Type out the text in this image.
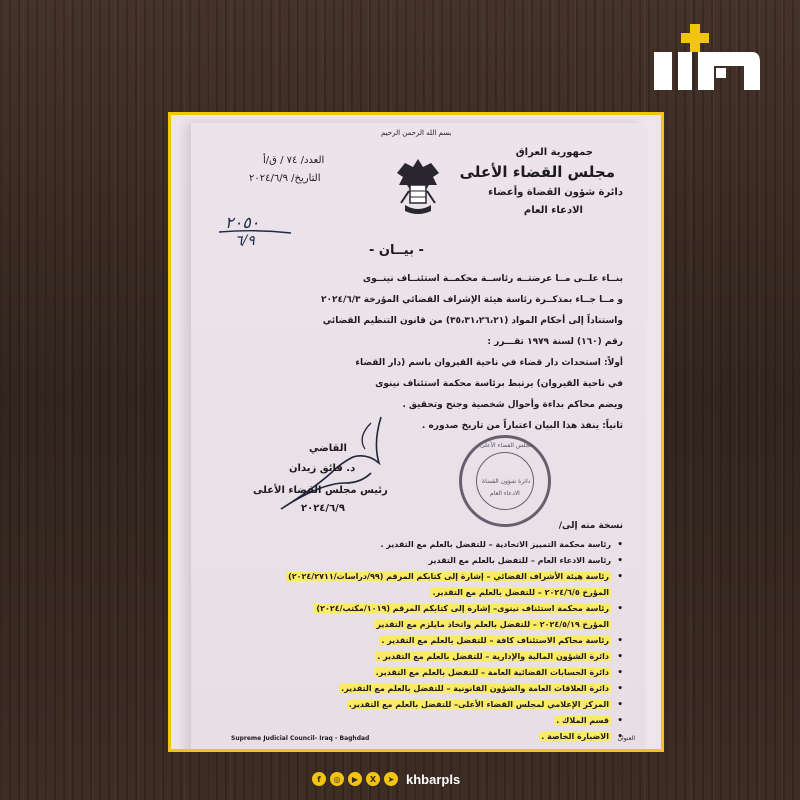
بسم الله الرحمن الرحيم
جمهورية العراق
مجلس القضاء الأعلى
دائرة شؤون القضاة وأعضاء
الادعاء العام
العدد/ ٧٤ / ق/أ
التاريخ/ ٢٠٢٤/٦/٩
٢٠٥٠
٦/٩
- بيــان -

بنــاء علــى مــا عرضتــه رئاســة محكمــة استئنــاف نينــوى

و مــا جــاء بمذكــرة رئاسة هيئة الإشراف القضائي المؤرخة ٢٠٢٤/٦/٣

واستناداً إلى أحكام المواد (٣٥،٣١،٢٦،٢١) من قانون التنظيم القضائي

رقم (١٦٠) لسنة ١٩٧٩ تقـــرر :

أولاً: استحداث دار قضاء في ناحية القيروان باسم (دار القضاء

في ناحية القيروان) يرتبط برئاسة محكمة استئناف نينوى

ويضم محاكم بداءة وأحوال شخصية وجنح وتحقيق .

ثانياً: ينفذ هذا البيان اعتباراً من تاريخ صدوره .

القاضي
د. فائق زيدان
رئيس مجلس القضاء الأعلى
٢٠٢٤/٦/٩
مجلس القضاء الأعلى
دائرة شؤون القضاة
الادعاء العام
نسخة منه إلى/
• رئاسة محكمة التمييز الاتحادية – للتفضل بالعلم مع التقدير .
• رئاسة الادعاء العام – للتفضل بالعلم مع التقدير
• رئاسة هيئة الأشراف القضائي – إشارة إلى كتابكم المرقم (٩٩/دراسات/٢٠٢٤/٢٧١١)
المؤرخ ٢٠٢٤/٦/٥ – للتفضل بالعلم مع التقدير.
• رئاسة محكمة استئناف نينوى– إشارة إلى كتابكم المرقم (١٠١٩/مكتب/٢٠٢٤)
المؤرخ ٢٠٢٤/٥/١٩ – للتفضل بالعلم واتخاذ مايلزم مع التقدير
• رئاسة محاكم الاستئناف كافة – للتفضل بالعلم مع التقدير .
• دائرة الشؤون المالية والإدارية – للتفضل بالعلم مع التقدير .
• دائرة الحسابات القضائية العامة – للتفضل بالعلم مع التقدير.
• دائرة العلاقات العامة والشؤون القانونية – للتفضل بالعلم مع التقدير.
• المركز الإعلامي لمجلس القضاء الأعلى– للتفضل بالعلم مع التقدير.
• قسم الملاك .
• الاضبارة الخاصة .
Supreme Judicial Council- Iraq - Baghdad	العنوان
f	◎	▶	X	➤ khbarpls
